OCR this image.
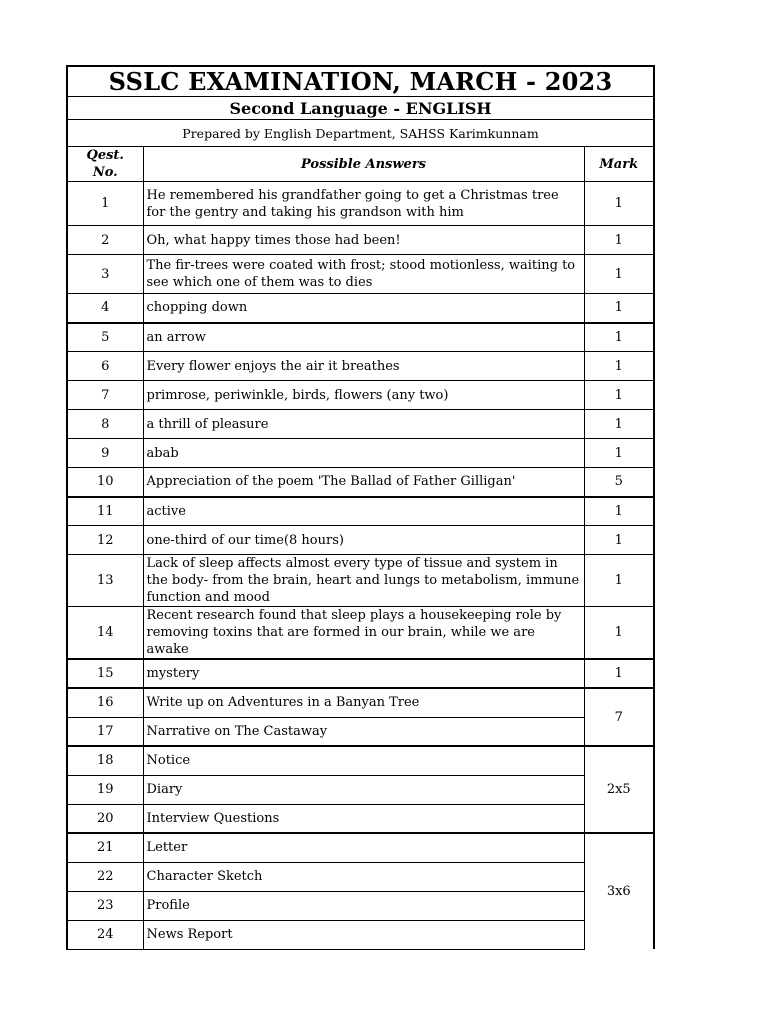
SSLC EXAMINATION, MARCH - 2023		
Second Language - ENGLISH		
Prepared by English Department, SAHSS Karimkunnam		
Qest. No.	Possible Answers	Mark
1	He remembered his grandfather going to get a Christmas tree for the gentry and taking his grandson with him	1
2	Oh, what happy times those had been!	1
3	The fir-trees were coated with frost; stood motionless, waiting to see which one of them was to dies	1
4	chopping down	1
5	an arrow	1
6	Every flower enjoys the air it breathes	1
7	primrose, periwinkle, birds, flowers (any two)	1
8	a thrill of pleasure	1
9	abab	1
10	Appreciation of the poem 'The Ballad of Father Gilligan'	5
11	active	1
12	one-third of our time(8 hours)	1
13	Lack of sleep affects almost every type of tissue and system in the body- from the brain, heart and lungs to metabolism, immune function and mood	1
14	Recent research found that sleep plays a housekeeping role by removing toxins that are formed in our brain, while we are awake	1
15	mystery	1
16	Write up on Adventures in a Banyan Tree	7
17	Narrative on The Castaway	
18	Notice	2x5
19	Diary	
20	Interview Questions	
21	Letter	3x6
22	Character Sketch	
23	Profile	
24	News Report	
